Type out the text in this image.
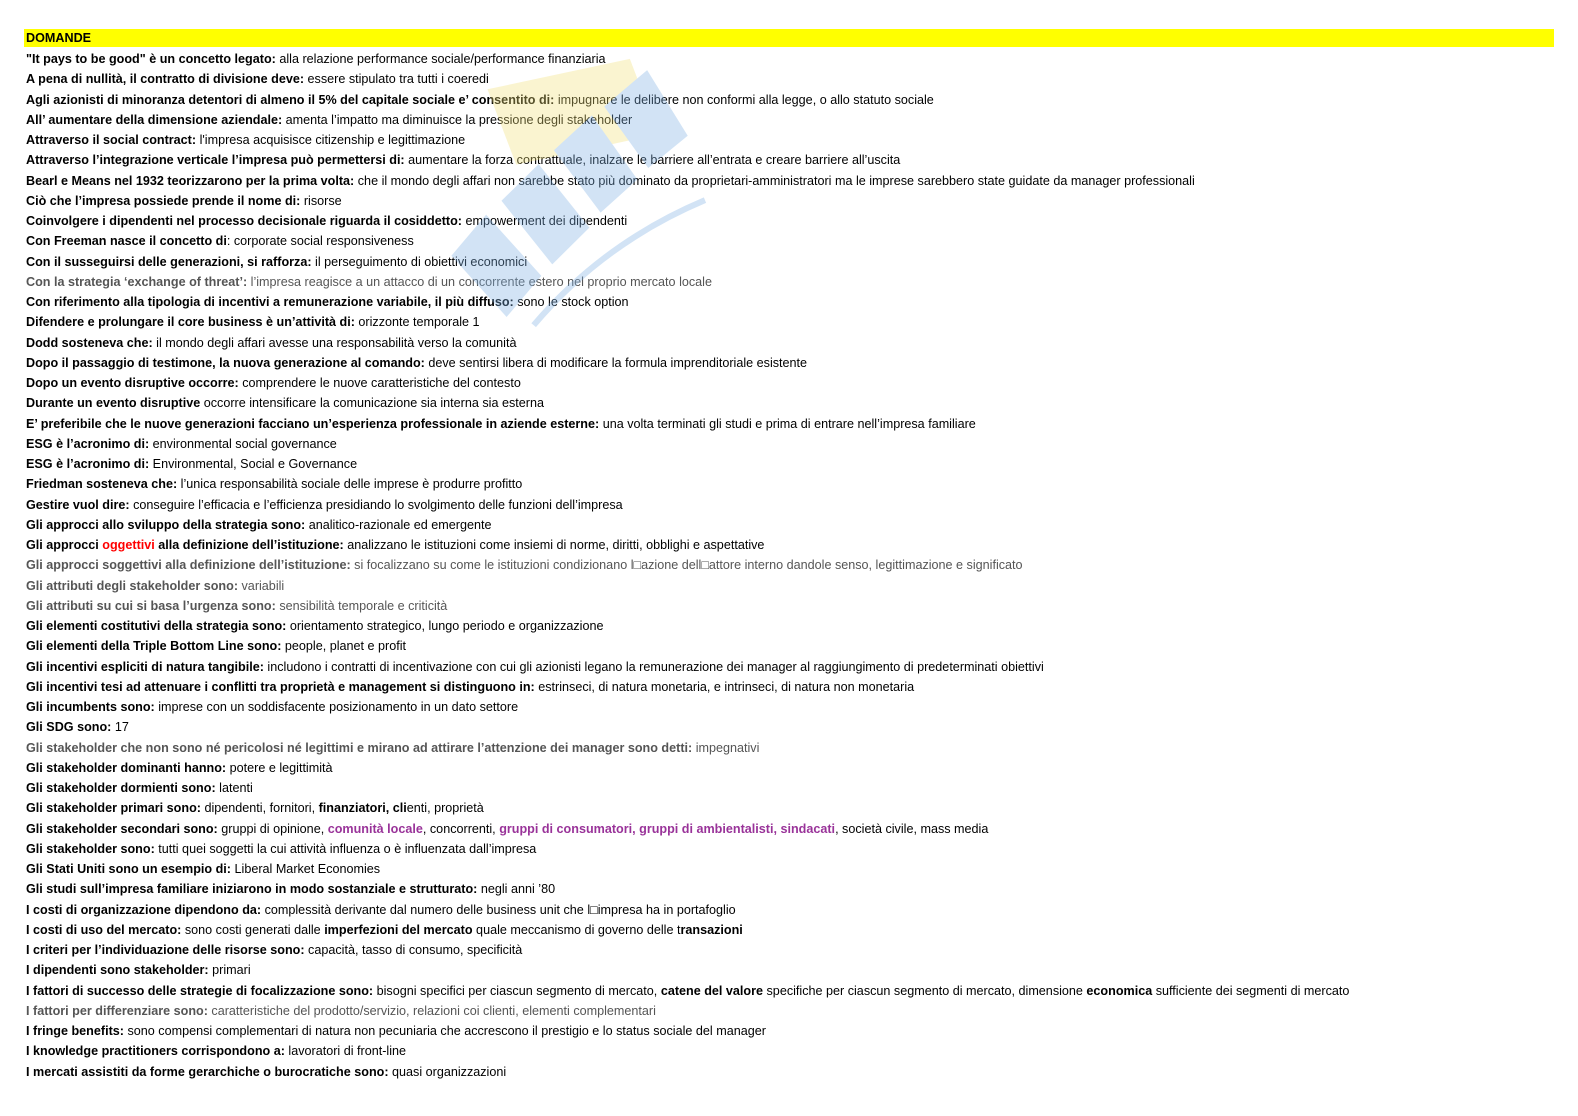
DOMANDE
"It pays to be good" è un concetto legato: alla relazione performance sociale/performance finanziaria
A pena di nullità, il contratto di divisione deve: essere stipulato tra tutti i coeredi
Agli azionisti di minoranza detentori di almeno il 5% del capitale sociale e’ consentito di: impugnare le delibere non conformi alla legge, o allo statuto sociale
All’ aumentare della dimensione aziendale: amenta l’impatto ma diminuisce la pressione degli stakeholder
Attraverso il social contract: l'impresa acquisisce citizenship e legittimazione
Attraverso l’integrazione verticale l’impresa può permettersi di: aumentare la forza contrattuale, inalzare le barriere all’entrata e creare barriere all’uscita
Bearl e Means nel 1932 teorizzarono per la prima volta: che il mondo degli affari non sarebbe stato più dominato da proprietari-amministratori ma le imprese sarebbero state guidate da manager professionali
Ciò che l’impresa possiede prende il nome di: risorse
Coinvolgere i dipendenti nel processo decisionale riguarda il cosiddetto: empowerment dei dipendenti
Con Freeman nasce il concetto di: corporate social responsiveness
Con il susseguirsi delle generazioni, si rafforza: il perseguimento di obiettivi economici
Con la strategia ‘exchange of threat’: l’impresa reagisce a un attacco di un concorrente estero nel proprio mercato locale
Con riferimento alla tipologia di incentivi a remunerazione variabile, il più diffuso: sono le stock option
Difendere e prolungare il core business è un’attività di: orizzonte temporale 1
Dodd sosteneva che: il mondo degli affari avesse una responsabilità verso la comunità
Dopo il passaggio di testimone, la nuova generazione al comando: deve sentirsi libera di modificare la formula imprenditoriale esistente
Dopo un evento disruptive occorre: comprendere le nuove caratteristiche del contesto
Durante un evento disruptive occorre intensificare la comunicazione sia interna sia esterna
E’ preferibile che le nuove generazioni facciano un’esperienza professionale in aziende esterne: una volta terminati gli studi e prima di entrare nell’impresa familiare
ESG è l’acronimo di: environmental social governance
ESG è l’acronimo di: Environmental, Social e Governance
Friedman sosteneva che: l’unica responsabilità sociale delle imprese è produrre profitto
Gestire vuol dire: conseguire l’efficacia e l’efficienza presidiando lo svolgimento delle funzioni dell’impresa
Gli approcci allo sviluppo della strategia sono: analitico-razionale ed emergente
Gli approcci oggettivi alla definizione dell’istituzione: analizzano le istituzioni come insiemi di norme, diritti, obblighi e aspettative
Gli approcci soggettivi alla definizione dell’istituzione: si focalizzano su come le istituzioni condizionano l□azione dell□attore interno dandole senso, legittimazione e significato
Gli attributi degli stakeholder sono: variabili
Gli attributi su cui si basa l’urgenza sono: sensibilità temporale e criticità
Gli elementi costitutivi della strategia sono: orientamento strategico, lungo periodo e organizzazione
Gli elementi della Triple Bottom Line sono: people, planet e profit
Gli incentivi espliciti di natura tangibile: includono i contratti di incentivazione con cui gli azionisti legano la remunerazione dei manager al raggiungimento di predeterminati obiettivi
Gli incentivi tesi ad attenuare i conflitti tra proprietà e management si distinguono in: estrinseci, di natura monetaria, e intrinseci, di natura non monetaria
Gli incumbents sono: imprese con un soddisfacente posizionamento in un dato settore
Gli SDG sono: 17
Gli stakeholder che non sono né pericolosi né legittimi e mirano ad attirare l’attenzione dei manager sono detti: impegnativi
Gli stakeholder dominanti hanno: potere e legittimità
Gli stakeholder dormienti sono: latenti
Gli stakeholder primari sono: dipendenti, fornitori, finanziatori, clienti, proprietà
Gli stakeholder secondari sono: gruppi di opinione, comunità locale, concorrenti, gruppi di consumatori, gruppi di ambientalisti, sindacati, società civile, mass media
Gli stakeholder sono: tutti quei soggetti la cui attività influenza o è influenzata dall’impresa
Gli Stati Uniti sono un esempio di: Liberal Market Economies
Gli studi sull’impresa familiare iniziarono in modo sostanziale e strutturato: negli anni ’80
I costi di organizzazione dipendono da: complessità derivante dal numero delle business unit che l□impresa ha in portafoglio
I costi di uso del mercato: sono costi generati dalle imperfezioni del mercato quale meccanismo di governo delle transazioni
I criteri per l’individuazione delle risorse sono: capacità, tasso di consumo, specificità
I dipendenti sono stakeholder: primari
I fattori di successo delle strategie di focalizzazione sono: bisogni specifici per ciascun segmento di mercato, catene del valore specifiche per ciascun segmento di mercato, dimensione economica sufficiente dei segmenti di mercato
I fattori per differenziare sono: caratteristiche del prodotto/servizio, relazioni coi clienti, elementi complementari
I fringe benefits: sono compensi complementari di natura non pecuniaria che accrescono il prestigio e lo status sociale del manager
I knowledge practitioners corrispondono a: lavoratori di front-line
I mercati assistiti da forme gerarchiche o burocratiche sono: quasi organizzazioni
